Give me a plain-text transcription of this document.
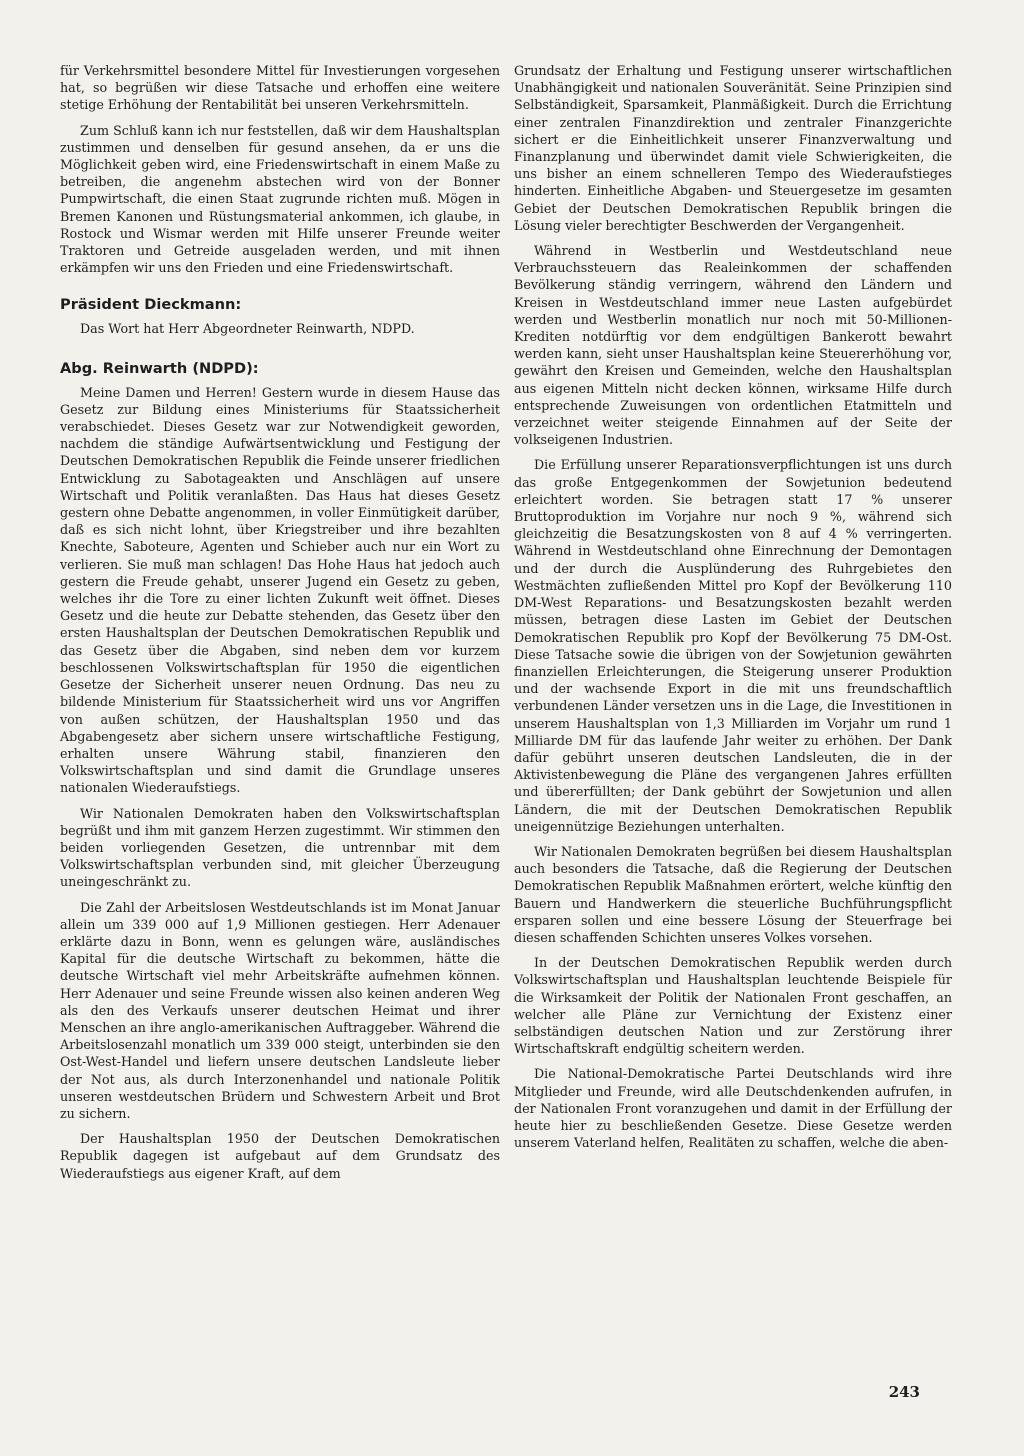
für Verkehrsmittel besondere Mittel für Investierungen vorgesehen hat, so begrüßen wir diese Tatsache und erhoffen eine weitere stetige Erhöhung der Rentabilität bei unseren Verkehrsmitteln.

Zum Schluß kann ich nur feststellen, daß wir dem Haushaltsplan zustimmen und denselben für gesund ansehen, da er uns die Möglichkeit geben wird, eine Friedenswirtschaft in einem Maße zu betreiben, die angenehm abstechen wird von der Bonner Pumpwirtschaft, die einen Staat zugrunde richten muß. Mögen in Bremen Kanonen und Rüstungsmaterial ankommen, ich glaube, in Rostock und Wismar werden mit Hilfe unserer Freunde weiter Traktoren und Getreide ausgeladen werden, und mit ihnen erkämpfen wir uns den Frieden und eine Friedenswirtschaft.

Präsident Dieckmann:

Das Wort hat Herr Abgeordneter Reinwarth, NDPD.

Abg. Reinwarth (NDPD):

Meine Damen und Herren! Gestern wurde in diesem Hause das Gesetz zur Bildung eines Ministeriums für Staatssicherheit verabschiedet. Dieses Gesetz war zur Notwendigkeit geworden, nachdem die ständige Aufwärtsentwicklung und Festigung der Deutschen Demokratischen Republik die Feinde unserer friedlichen Entwicklung zu Sabotageakten und Anschlägen auf unsere Wirtschaft und Politik veranlaßten. Das Haus hat dieses Gesetz gestern ohne Debatte angenommen, in voller Einmütigkeit darüber, daß es sich nicht lohnt, über Kriegstreiber und ihre bezahlten Knechte, Saboteure, Agenten und Schieber auch nur ein Wort zu verlieren. Sie muß man schlagen! Das Hohe Haus hat jedoch auch gestern die Freude gehabt, unserer Jugend ein Gesetz zu geben, welches ihr die Tore zu einer lichten Zukunft weit öffnet. Dieses Gesetz und die heute zur Debatte stehenden, das Gesetz über den ersten Haushaltsplan der Deutschen Demokratischen Republik und das Gesetz über die Abgaben, sind neben dem vor kurzem beschlossenen Volkswirtschaftsplan für 1950 die eigentlichen Gesetze der Sicherheit unserer neuen Ordnung. Das neu zu bildende Ministerium für Staatssicherheit wird uns vor Angriffen von außen schützen, der Haushaltsplan 1950 und das Abgabengesetz aber sichern unsere wirtschaftliche Festigung, erhalten unsere Währung stabil, finanzieren den Volkswirtschaftsplan und sind damit die Grundlage unseres nationalen Wiederaufstiegs.

Wir Nationalen Demokraten haben den Volkswirtschaftsplan begrüßt und ihm mit ganzem Herzen zugestimmt. Wir stimmen den beiden vorliegenden Gesetzen, die untrennbar mit dem Volkswirtschaftsplan verbunden sind, mit gleicher Überzeugung uneingeschränkt zu.

Die Zahl der Arbeitslosen Westdeutschlands ist im Monat Januar allein um 339 000 auf 1,9 Millionen gestiegen. Herr Adenauer erklärte dazu in Bonn, wenn es gelungen wäre, ausländisches Kapital für die deutsche Wirtschaft zu bekommen, hätte die deutsche Wirtschaft viel mehr Arbeitskräfte aufnehmen können. Herr Adenauer und seine Freunde wissen also keinen anderen Weg als den des Verkaufs unserer deutschen Heimat und ihrer Menschen an ihre anglo-amerikanischen Auftraggeber. Während die Arbeitslosenzahl monatlich um 339 000 steigt, unterbinden sie den Ost-West-Handel und liefern unsere deutschen Landsleute lieber der Not aus, als durch Interzonenhandel und nationale Politik unseren westdeutschen Brüdern und Schwestern Arbeit und Brot zu sichern.

Der Haushaltsplan 1950 der Deutschen Demokratischen Republik dagegen ist aufgebaut auf dem Grundsatz des Wiederaufstiegs aus eigener Kraft, auf dem

Grundsatz der Erhaltung und Festigung unserer wirtschaftlichen Unabhängigkeit und nationalen Souveränität. Seine Prinzipien sind Selbständigkeit, Sparsamkeit, Planmäßigkeit. Durch die Errichtung einer zentralen Finanzdirektion und zentraler Finanzgerichte sichert er die Einheitlichkeit unserer Finanzverwaltung und Finanzplanung und überwindet damit viele Schwierigkeiten, die uns bisher an einem schnelleren Tempo des Wiederaufstieges hinderten. Einheitliche Abgaben- und Steuergesetze im gesamten Gebiet der Deutschen Demokratischen Republik bringen die Lösung vieler berechtigter Beschwerden der Vergangenheit.

Während in Westberlin und Westdeutschland neue Verbrauchssteuern das Realeinkommen der schaffenden Bevölkerung ständig verringern, während den Ländern und Kreisen in Westdeutschland immer neue Lasten aufgebürdet werden und Westberlin monatlich nur noch mit 50-Millionen-Krediten notdürftig vor dem endgültigen Bankerott bewahrt werden kann, sieht unser Haushaltsplan keine Steuererhöhung vor, gewährt den Kreisen und Gemeinden, welche den Haushaltsplan aus eigenen Mitteln nicht decken können, wirksame Hilfe durch entsprechende Zuweisungen von ordentlichen Etatmitteln und verzeichnet weiter steigende Einnahmen auf der Seite der volkseigenen Industrien.

Die Erfüllung unserer Reparationsverpflichtungen ist uns durch das große Entgegenkommen der Sowjetunion bedeutend erleichtert worden. Sie betragen statt 17 % unserer Bruttoproduktion im Vorjahre nur noch 9 %, während sich gleichzeitig die Besatzungskosten von 8 auf 4 % verringerten. Während in Westdeutschland ohne Einrechnung der Demontagen und der durch die Ausplünderung des Ruhrgebietes den Westmächten zufließenden Mittel pro Kopf der Bevölkerung 110 DM-West Reparations- und Besatzungskosten bezahlt werden müssen, betragen diese Lasten im Gebiet der Deutschen Demokratischen Republik pro Kopf der Bevölkerung 75 DM-Ost. Diese Tatsache sowie die übrigen von der Sowjetunion gewährten finanziellen Erleichterungen, die Steigerung unserer Produktion und der wachsende Export in die mit uns freundschaftlich verbundenen Länder versetzen uns in die Lage, die Investitionen in unserem Haushaltsplan von 1,3 Milliarden im Vorjahr um rund 1 Milliarde DM für das laufende Jahr weiter zu erhöhen. Der Dank dafür gebührt unseren deutschen Landsleuten, die in der Aktivistenbewegung die Pläne des vergangenen Jahres erfüllten und übererfüllten; der Dank gebührt der Sowjetunion und allen Ländern, die mit der Deutschen Demokratischen Republik uneigennützige Beziehungen unterhalten.

Wir Nationalen Demokraten begrüßen bei diesem Haushaltsplan auch besonders die Tatsache, daß die Regierung der Deutschen Demokratischen Republik Maßnahmen erörtert, welche künftig den Bauern und Handwerkern die steuerliche Buchführungspflicht ersparen sollen und eine bessere Lösung der Steuerfrage bei diesen schaffenden Schichten unseres Volkes vorsehen.

In der Deutschen Demokratischen Republik werden durch Volkswirtschaftsplan und Haushaltsplan leuchtende Beispiele für die Wirksamkeit der Politik der Nationalen Front geschaffen, an welcher alle Pläne zur Vernichtung der Existenz einer selbständigen deutschen Nation und zur Zerstörung ihrer Wirtschaftskraft endgültig scheitern werden.

Die National-Demokratische Partei Deutschlands wird ihre Mitglieder und Freunde, wird alle Deutschdenkenden aufrufen, in der Nationalen Front voranzugehen und damit in der Erfüllung der heute hier zu beschließenden Gesetze. Diese Gesetze werden unserem Vaterland helfen, Realitäten zu schaffen, welche die aben-

243
